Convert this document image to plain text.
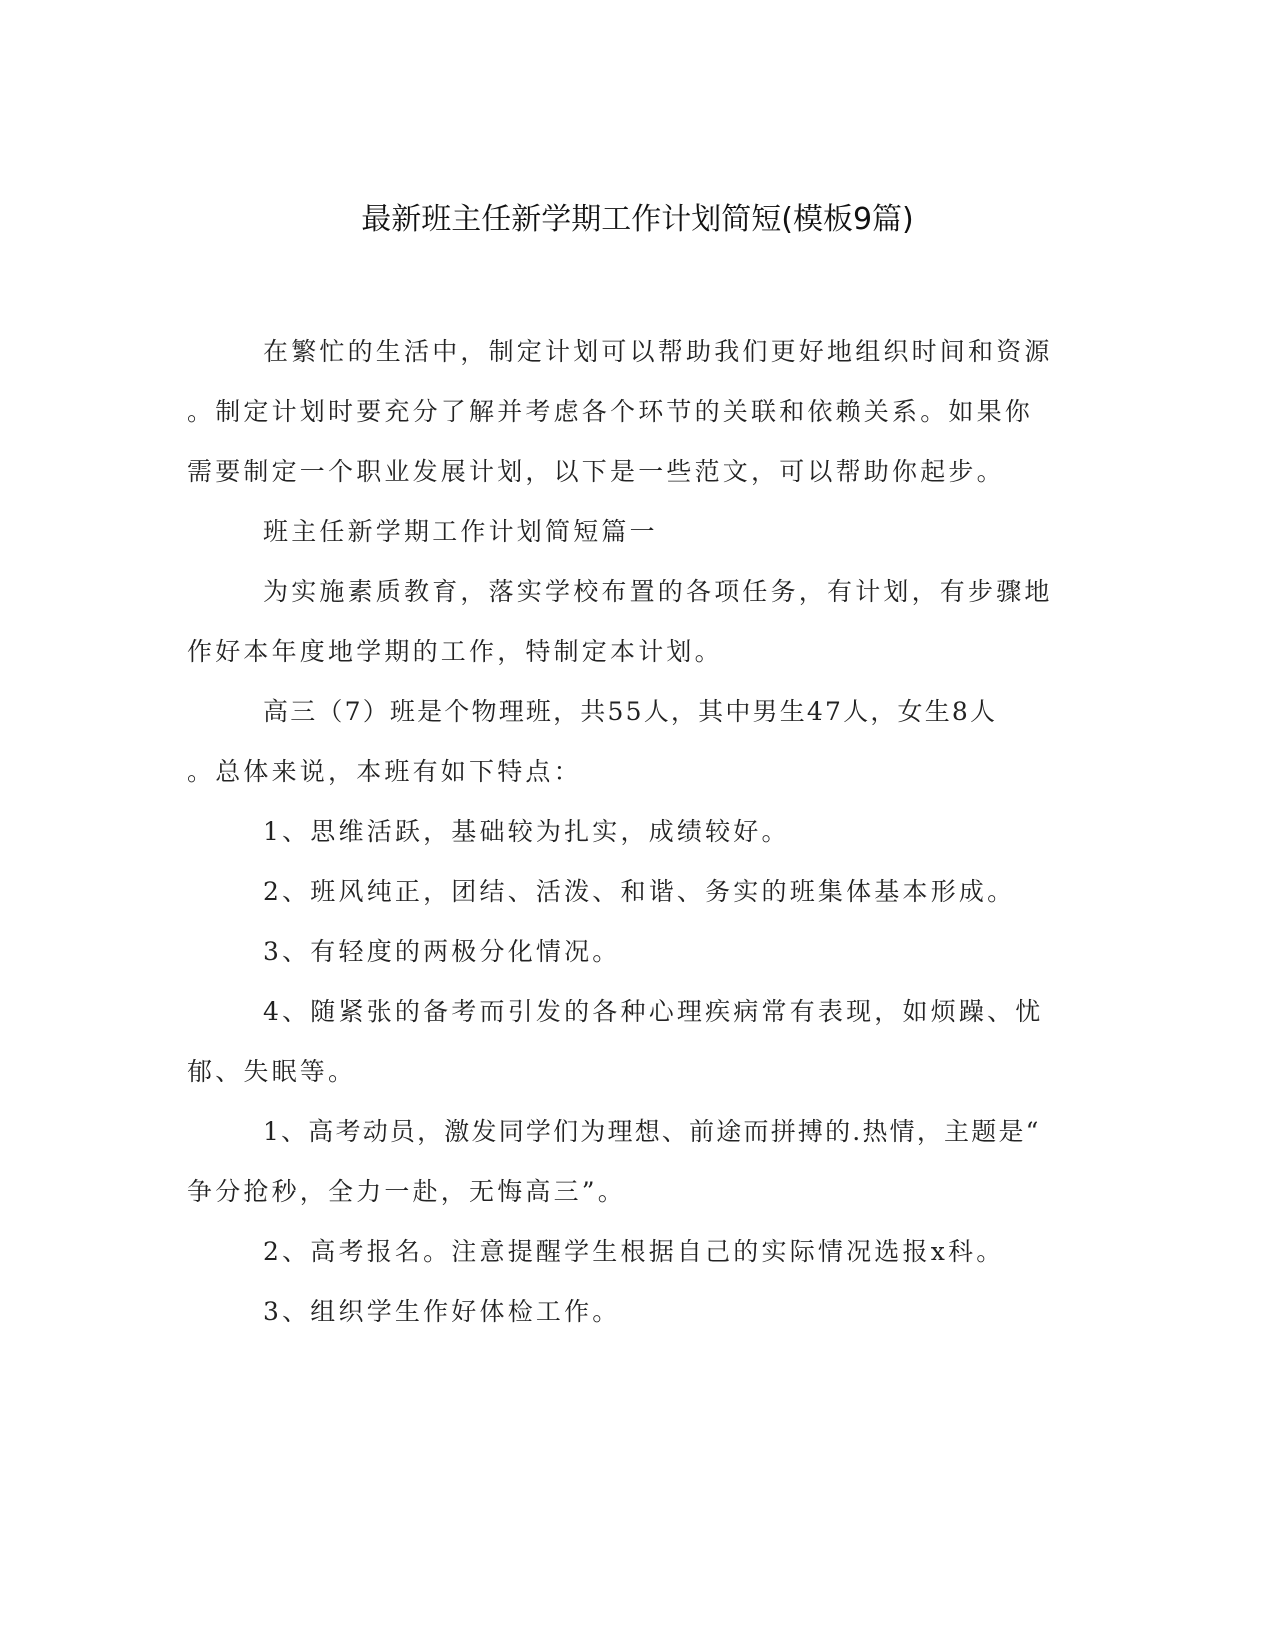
最新班主任新学期工作计划简短(模板9篇)
在繁忙的生活中，制定计划可以帮助我们更好地组织时间和资源
。制定计划时要充分了解并考虑各个环节的关联和依赖关系。如果你
需要制定一个职业发展计划，以下是一些范文，可以帮助你起步。
班主任新学期工作计划简短篇一
为实施素质教育，落实学校布置的各项任务，有计划，有步骤地
作好本年度地学期的工作，特制定本计划。
高三（7）班是个物理班，共55人，其中男生47人，女生8人
。总体来说，本班有如下特点：
1、思维活跃，基础较为扎实，成绩较好。
2、班风纯正，团结、活泼、和谐、务实的班集体基本形成。
3、有轻度的两极分化情况。
4、随紧张的备考而引发的各种心理疾病常有表现，如烦躁、忧
郁、失眠等。
1、高考动员，激发同学们为理想、前途而拼搏的.热情，主题是“
争分抢秒，全力一赴，无悔高三”。
2、高考报名。注意提醒学生根据自己的实际情况选报x科。
3、组织学生作好体检工作。
